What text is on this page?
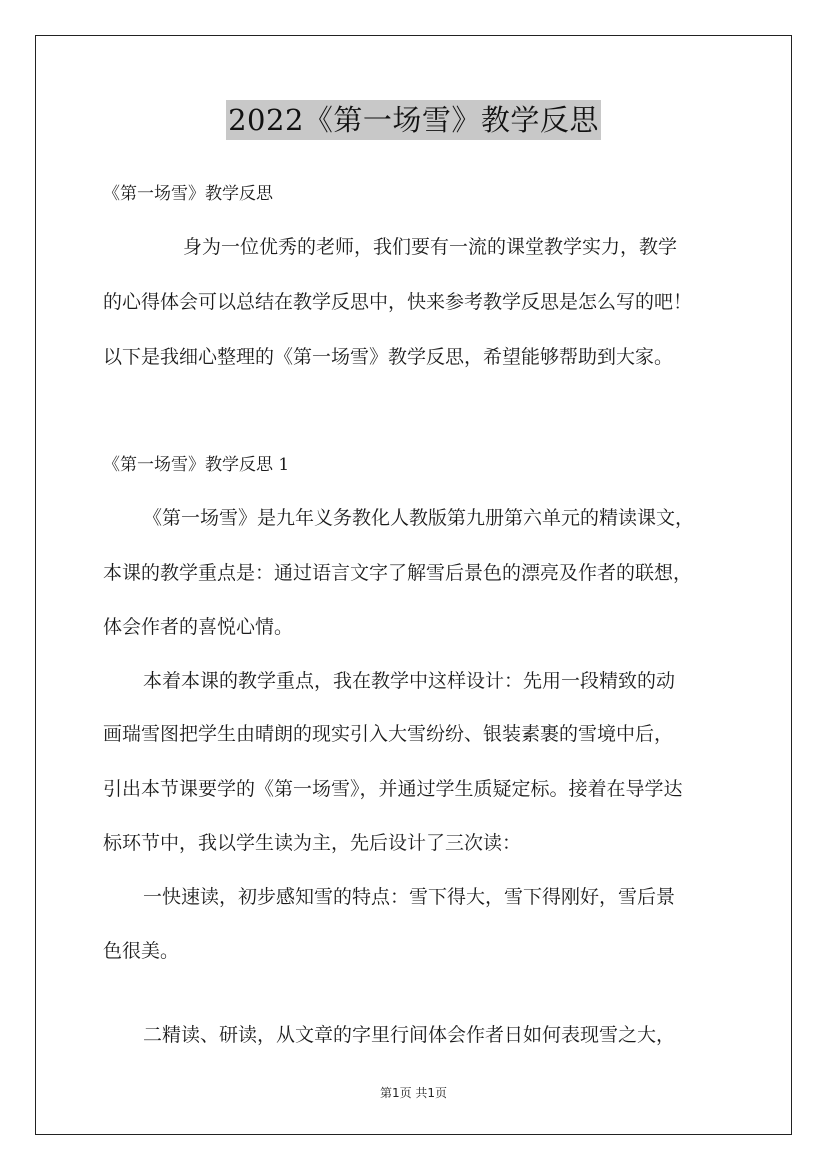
2022《第一场雪》教学反思
《第一场雪》教学反思
身为一位优秀的老师，我们要有一流的课堂教学实力，教学
的心得体会可以总结在教学反思中，快来参考教学反思是怎么写的吧！
以下是我细心整理的《第一场雪》教学反思，希望能够帮助到大家。
《第一场雪》教学反思 1
《第一场雪》是九年义务教化人教版第九册第六单元的精读课文，
本课的教学重点是：通过语言文字了解雪后景色的漂亮及作者的联想，
体会作者的喜悦心情。
本着本课的教学重点，我在教学中这样设计：先用一段精致的动
画瑞雪图把学生由晴朗的现实引入大雪纷纷、银装素裹的雪境中后，
引出本节课要学的《第一场雪》，并通过学生质疑定标。接着在导学达
标环节中，我以学生读为主，先后设计了三次读：
一快速读，初步感知雪的特点：雪下得大，雪下得刚好，雪后景
色很美。
二精读、研读，从文章的字里行间体会作者日如何表现雪之大，
第1页 共1页
